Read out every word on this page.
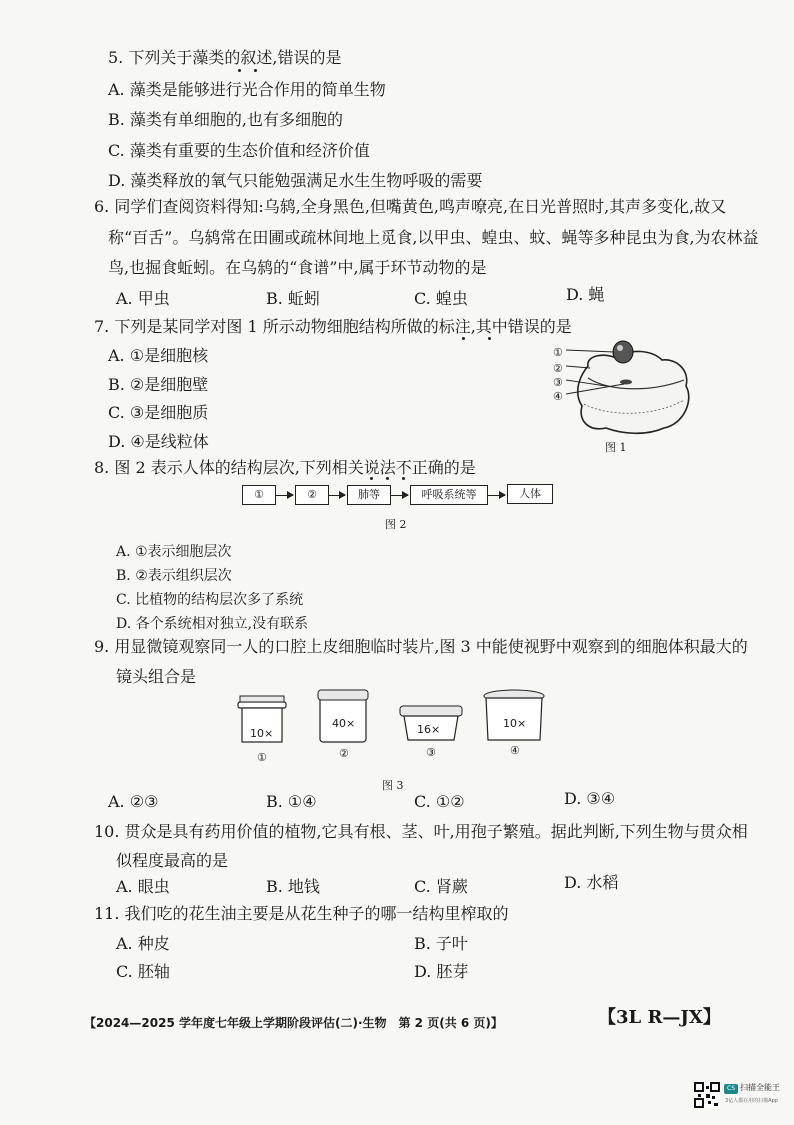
5. 下列关于藻类的叙述,错误的是
A. 藻类是能够进行光合作用的简单生物
B. 藻类有单细胞的,也有多细胞的
C. 藻类有重要的生态价值和经济价值
D. 藻类释放的氧气只能勉强满足水生生物呼吸的需要
6. 同学们查阅资料得知:乌鸫,全身黑色,但嘴黄色,鸣声嘹亮,在日光普照时,其声多变化,故又
称“百舌”。乌鸫常在田圃或疏林间地上觅食,以甲虫、蝗虫、蚊、蝇等多种昆虫为食,为农林益
鸟,也掘食蚯蚓。在乌鸫的“食谱”中,属于环节动物的是
A. 甲虫	B. 蚯蚓	C. 蝗虫	D. 蝇
7. 下列是某同学对图 1 所示动物细胞结构所做的标注,其中错误的是
A. ①是细胞核
B. ②是细胞壁
C. ③是细胞质
D. ④是线粒体
①
②
③
④
图 1
8. 图 2 表示人体的结构层次,下列相关说法不正确的是
①	②	肺等	呼吸系统等	人体
图 2
A. ①表示细胞层次
B. ②表示组织层次
C. 比植物的结构层次多了系统
D. 各个系统相对独立,没有联系
9. 用显微镜观察同一人的口腔上皮细胞临时装片,图 3 中能使视野中观察到的细胞体积最大的
镜头组合是
10×
①
40×
②
16×
③
10×
④
图 3
A. ②③	B. ①④	C. ①②	D. ③④
10. 贯众是具有药用价值的植物,它具有根、茎、叶,用孢子繁殖。据此判断,下列生物与贯众相
似程度最高的是
A. 眼虫	B. 地钱	C. 肾蕨	D. 水稻
11. 我们吃的花生油主要是从花生种子的哪一结构里榨取的
A. 种皮	B. 子叶
C. 胚轴	D. 胚芽
【2024—2025 学年度七年级上学期阶段评估(二)·生物　第 2 页(共 6 页)】	【3L R—JX】
CS 扫描全能王
3亿人都在用的扫描App
